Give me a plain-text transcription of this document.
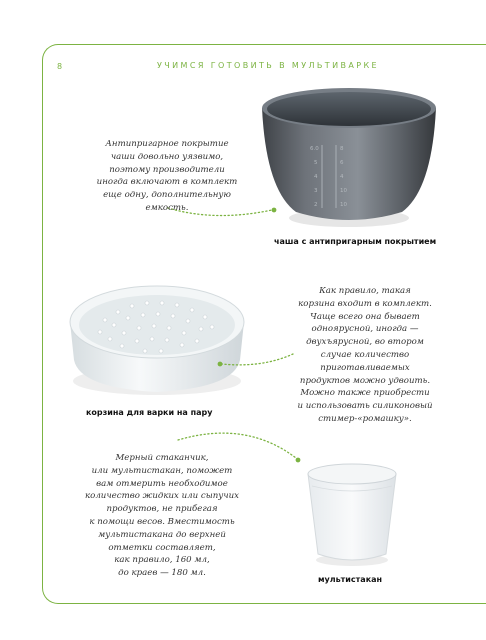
8	УЧИМСЯ ГОТОВИТЬ В МУЛЬТИВАРКЕ
6.0
5
4
3
2
8
6
4
10
10
Антипригарное покрытие
чаши довольно уязвимо,
поэтому производители
иногда включают в комплект
еще одну, дополнительную
емкость.
чаша с антипригарным покрытием
Как правило, такая
корзина входит в комплект.
Чаще всего она бывает
одноярусной, иногда —
двухъярусной, во втором
случае количество
приготавливаемых
продуктов можно удвоить.
Можно также приобрести
и использовать силиконовый
стимер-«ромашку».
корзина для варки на пару
Мерный стаканчик,
или мультистакан, поможет
вам отмерить необходимое
количество жидких или сыпучих
продуктов, не прибегая
к помощи весов. Вместимость
мультистакана до верхней
отметки составляет,
как правило, 160 мл,
до краев — 180 мл.
мультистакан
